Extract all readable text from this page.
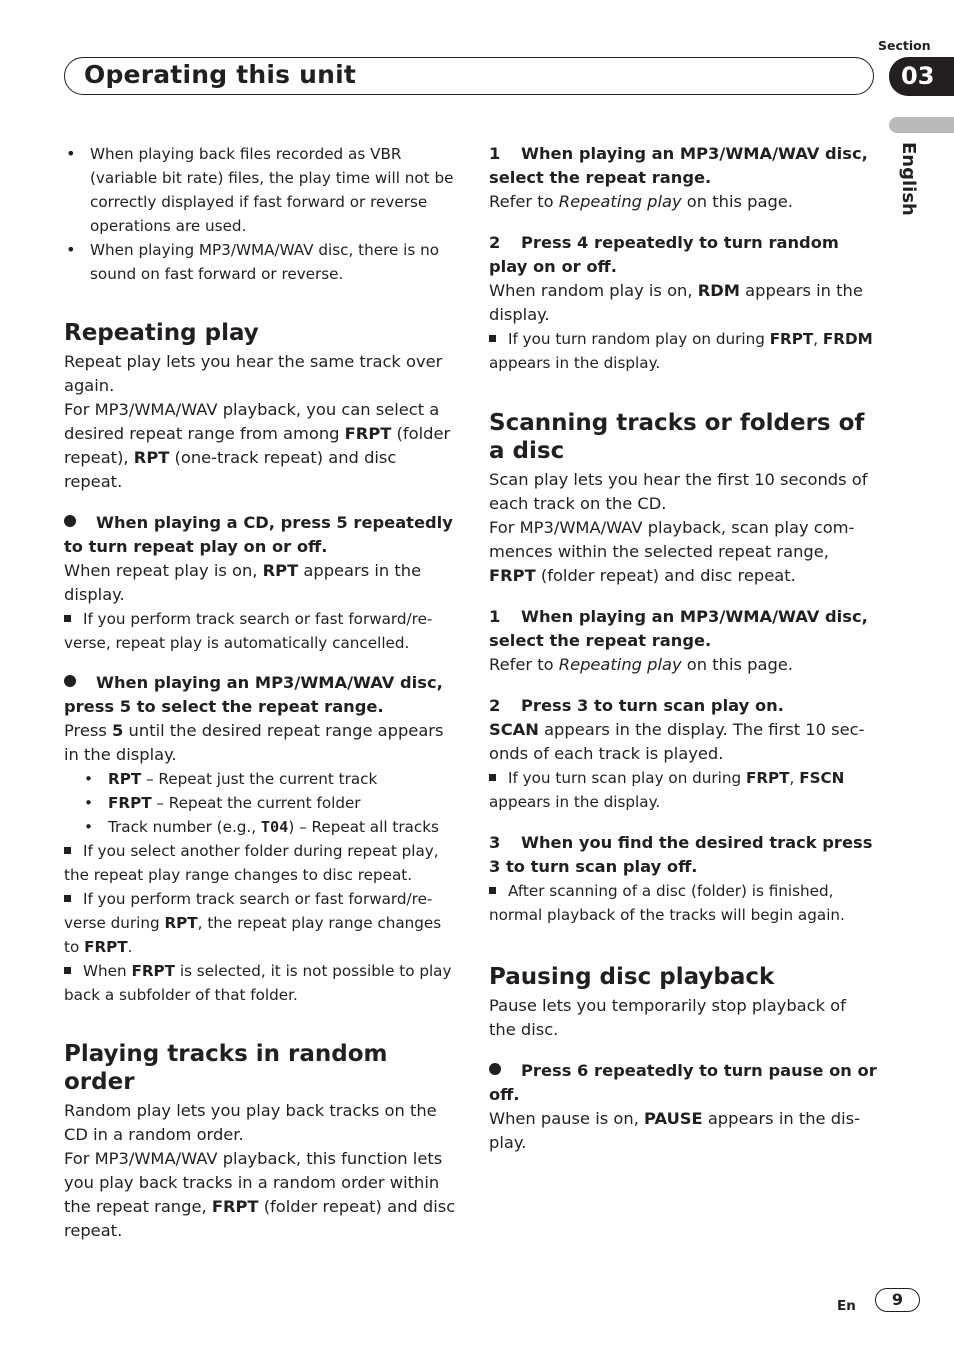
Section
Operating this unit	03
English
• When playing back files recorded as VBR (variable bit rate) files, the play time will not be correctly displayed if fast forward or reverse operations are used.
• When playing MP3/WMA/WAV disc, there is no sound on fast forward or reverse.
Repeating play

Repeat play lets you hear the same track over again.

For MP3/WMA/WAV playback, you can select a desired repeat range from among FRPT (folder repeat), RPT (one-track repeat) and disc repeat.

When playing a CD, press 5 repeatedly to turn repeat play on or off.

When repeat play is on, RPT appears in the display.

If you perform track search or fast forward/re-verse, repeat play is automatically cancelled.

When playing an MP3/WMA/WAV disc, press 5 to select the repeat range.

Press 5 until the desired repeat range appears in the display.

• RPT – Repeat just the current track
• FRPT – Repeat the current folder
• Track number (e.g., T04) – Repeat all tracks

If you select another folder during repeat play, the repeat play range changes to disc repeat.

If you perform track search or fast forward/re-verse during RPT, the repeat play range changes to FRPT.

When FRPT is selected, it is not possible to play back a subfolder of that folder.

Playing tracks in random order

Random play lets you play back tracks on the CD in a random order.

For MP3/WMA/WAV playback, this function lets you play back tracks in a random order within the repeat range, FRPT (folder repeat) and disc repeat.

1 When playing an MP3/WMA/WAV disc, select the repeat range.

Refer to Repeating play on this page.

2 Press 4 repeatedly to turn random play on or off.

When random play is on, RDM appears in the display.

If you turn random play on during FRPT, FRDM appears in the display.

Scanning tracks or folders of a disc

Scan play lets you hear the first 10 seconds of each track on the CD.

For MP3/WMA/WAV playback, scan play com-mences within the selected repeat range, FRPT (folder repeat) and disc repeat.

1 When playing an MP3/WMA/WAV disc, select the repeat range.

Refer to Repeating play on this page.

2 Press 3 to turn scan play on.

SCAN appears in the display. The first 10 sec-onds of each track is played.

If you turn scan play on during FRPT, FSCN appears in the display.

3 When you find the desired track press 3 to turn scan play off.

After scanning of a disc (folder) is finished, normal playback of the tracks will begin again.

Pausing disc playback

Pause lets you temporarily stop playback of the disc.

Press 6 repeatedly to turn pause on or off.

When pause is on, PAUSE appears in the dis-play.

En	9
